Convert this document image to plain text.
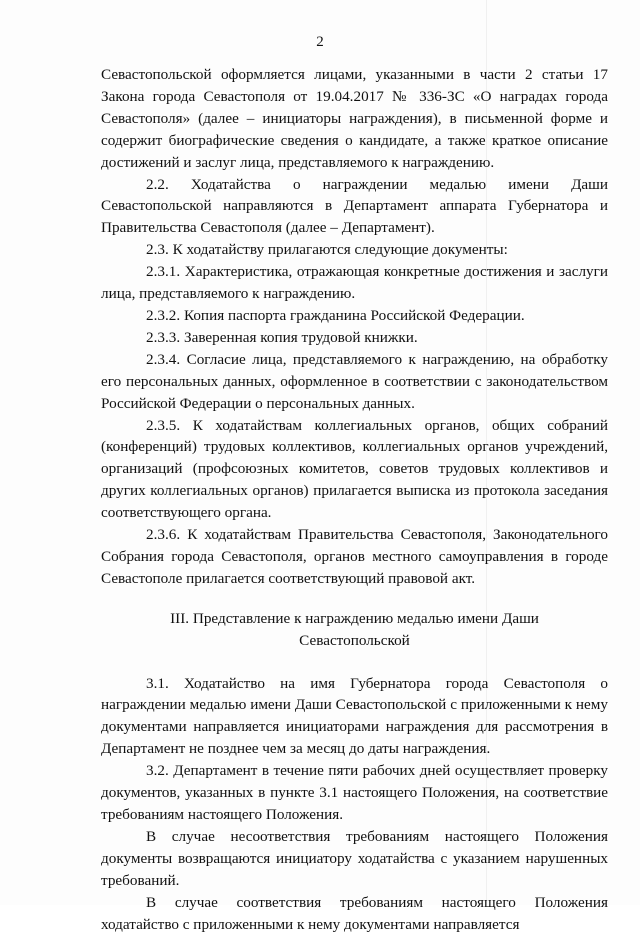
2

Севастопольской оформляется лицами, указанными в части 2 статьи 17 Закона города Севастополя от 19.04.2017 № 336-ЗС «О наградах города Севастополя» (далее – инициаторы награждения), в письменной форме и содержит биографические сведения о кандидате, а также краткое описание достижений и заслуг лица, представляемого к награждению.

2.2. Ходатайства о награждении медалью имени Даши Севастопольской направляются в Департамент аппарата Губернатора и Правительства Севастополя (далее – Департамент).

2.3. К ходатайству прилагаются следующие документы:

2.3.1. Характеристика, отражающая конкретные достижения и заслуги лица, представляемого к награждению.

2.3.2. Копия паспорта гражданина Российской Федерации.

2.3.3. Заверенная копия трудовой книжки.

2.3.4. Согласие лица, представляемого к награждению, на обработку его персональных данных, оформленное в соответствии с законодательством Российской Федерации о персональных данных.

2.3.5. К ходатайствам коллегиальных органов, общих собраний (конференций) трудовых коллективов, коллегиальных органов учреждений, организаций (профсоюзных комитетов, советов трудовых коллективов и других коллегиальных органов) прилагается выписка из протокола заседания соответствующего органа.

2.3.6. К ходатайствам Правительства Севастополя, Законодательного Собрания города Севастополя, органов местного самоуправления в городе Севастополе прилагается соответствующий правовой акт.

III. Представление к награждению медалью имени Даши Севастопольской

3.1. Ходатайство на имя Губернатора города Севастополя о награждении медалью имени Даши Севастопольской с приложенными к нему документами направляется инициаторами награждения для рассмотрения в Департамент не позднее чем за месяц до даты награждения.

3.2. Департамент в течение пяти рабочих дней осуществляет проверку документов, указанных в пункте 3.1 настоящего Положения, на соответствие требованиям настоящего Положения.

В случае несоответствия требованиям настоящего Положения документы возвращаются инициатору ходатайства с указанием нарушенных требований.

В случае соответствия требованиям настоящего Положения ходатайство с приложенными к нему документами направляется
